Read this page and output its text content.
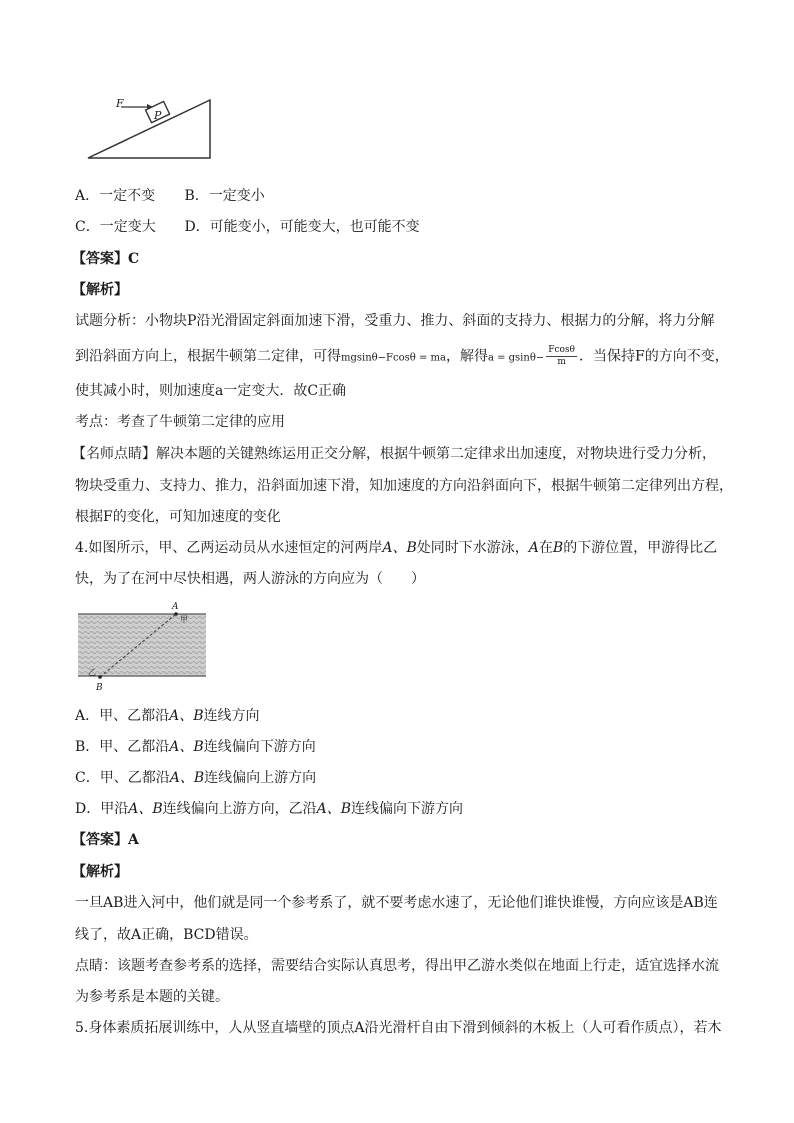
P
F
A．一定不变 B．一定变小
C．一定变大 D．可能变小，可能变大，也可能不变
【答案】C
【解析】
试题分析：小物块P沿光滑固定斜面加速下滑，受重力、推力、斜面的支持力、根据力的分解，将力分解
到沿斜面方向上，根据牛顿第二定律，可得mgsinθ−Fcosθ = ma，解得$a = gsin\theta- \frac{Fcos\theta}{m}$ ．当保持F的方向不变，
使其减小时，则加速度a一定变大．故C正确
考点：考查了牛顿第二定律的应用
【名师点睛】解决本题的关键熟练运用正交分解，根据牛顿第二定律求出加速度，对物块进行受力分析，
物块受重力、支持力、推力，沿斜面加速下滑，知加速度的方向沿斜面向下，根据牛顿第二定律列出方程，
根据F的变化，可知加速度的变化
4.如图所示，甲、乙两运动员从水速恒定的河两岸A、B处同时下水游泳，A在B的下游位置，甲游得比乙
快，为了在河中尽快相遇，两人游泳的方向应为（　　）
A
B
甲
乙
A．甲、乙都沿A、B连线方向
B．甲、乙都沿A、B连线偏向下游方向
C．甲、乙都沿A、B连线偏向上游方向
D．甲沿A、B连线偏向上游方向，乙沿A、B连线偏向下游方向
【答案】A
【解析】
一旦AB进入河中，他们就是同一个参考系了，就不要考虑水速了，无论他们谁快谁慢，方向应该是AB连
线了，故A正确，BCD错误。
点睛：该题考查参考系的选择，需要结合实际认真思考，得出甲乙游水类似在地面上行走，适宜选择水流
为参考系是本题的关键。
5.身体素质拓展训练中，人从竖直墙壁的顶点A沿光滑杆自由下滑到倾斜的木板上（人可看作质点），若木
